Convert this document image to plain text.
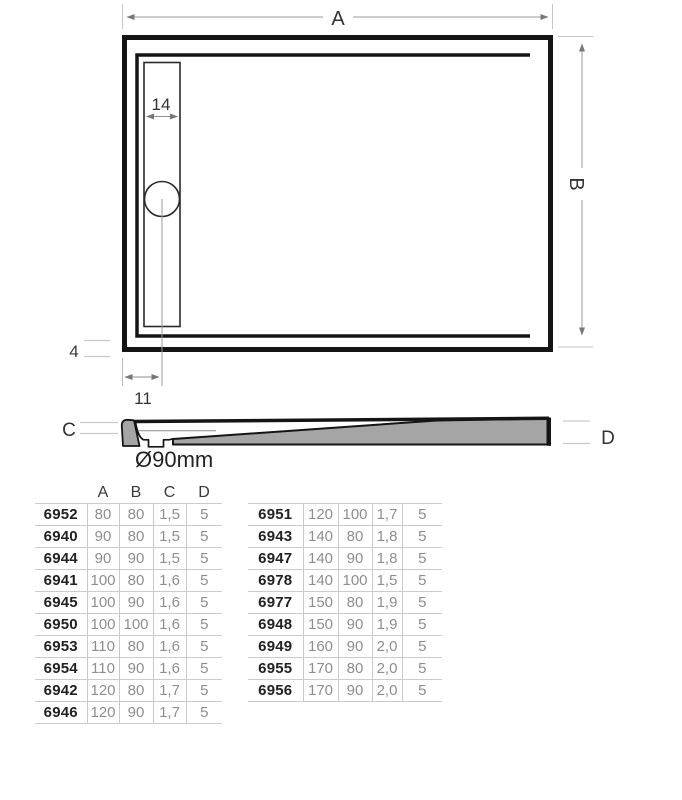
A
B
14
4
11
C	D
Ø90mm
	A	B	C	D
6952	80	80	1,5	5
6940	90	80	1,5	5
6944	90	90	1,5	5
6941	100	80	1,6	5
6945	100	90	1,6	5
6950	100	100	1,6	5
6953	110	80	1,6	5
6954	110	90	1,6	5
6942	120	80	1,7	5
6946	120	90	1,7	5
6951	120	100	1,7	5
6943	140	80	1,8	5
6947	140	90	1,8	5
6978	140	100	1,5	5
6977	150	80	1,9	5
6948	150	90	1,9	5
6949	160	90	2,0	5
6955	170	80	2,0	5
6956	170	90	2,0	5
